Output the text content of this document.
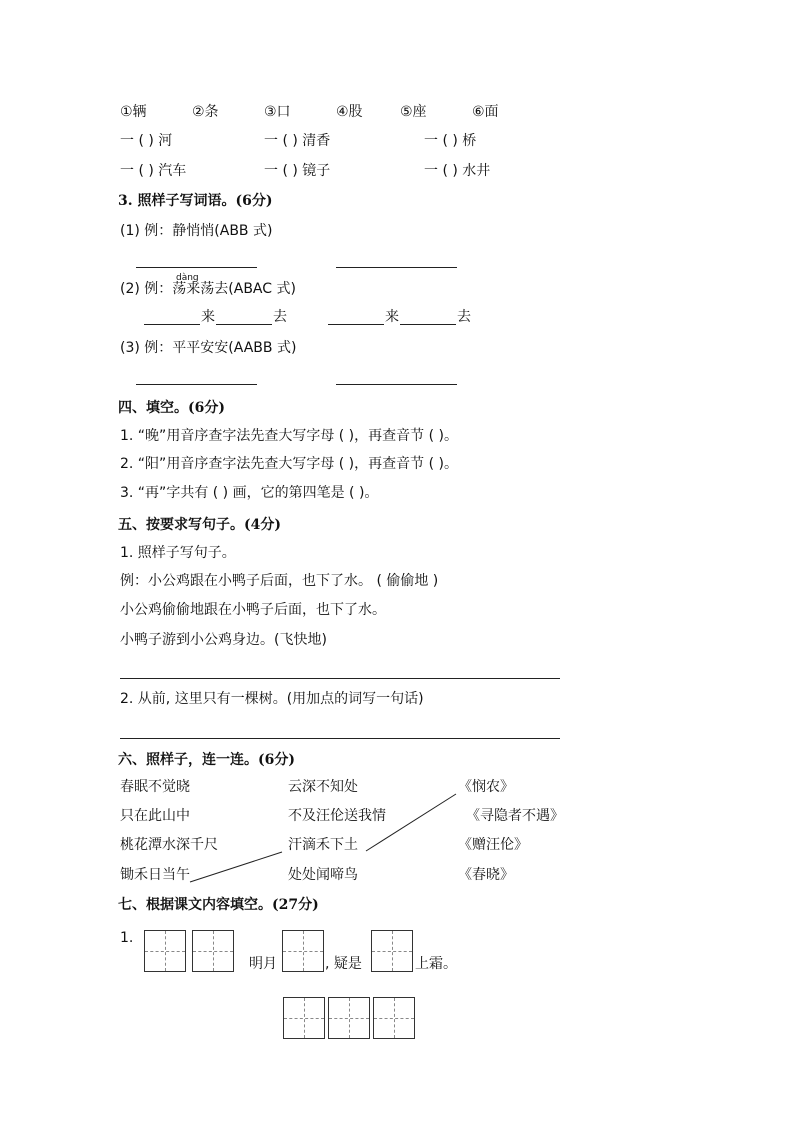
①辆	②条	③口	④股	⑤座	⑥面
一 ( ) 河	一 ( ) 清香	一 ( ) 桥
一 ( ) 汽车	一 ( ) 镜子	一 ( ) 水井
3. 照样子写词语。(6分)
(1) 例：静悄悄(ABB 式)
dàng
(2) 例：荡来荡去(ABAC 式)
来	去	来	去
(3) 例：平平安安(AABB 式)
四、填空。(6分)
1. “晚”用音序查字法先查大写字母 ( )，再查音节 ( )。
2. “阳”用音序查字法先查大写字母 ( )，再查音节 ( )。
3. “再”字共有 ( ) 画，它的第四笔是 ( )。
五、按要求写句子。(4分)
1. 照样子写句子。
例：小公鸡跟在小鸭子后面，也下了水。 ( 偷偷地 )
小公鸡偷偷地跟在小鸭子后面，也下了水。
小鸭子游到小公鸡身边。(飞快地)
2. 从前, 这里只有一棵树。(用加点的词写一句话)
六、照样子，连一连。(6分)
春眠不觉晓
只在此山中
桃花潭水深千尺
锄禾日当午
云深不知处
不及汪伦送我情
汗滴禾下土
处处闻啼鸟
《悯农》
《寻隐者不遇》
《赠汪伦》
《春晓》
七、根据课文内容填空。(27分)
1.
明月	, 疑是	上霜。
